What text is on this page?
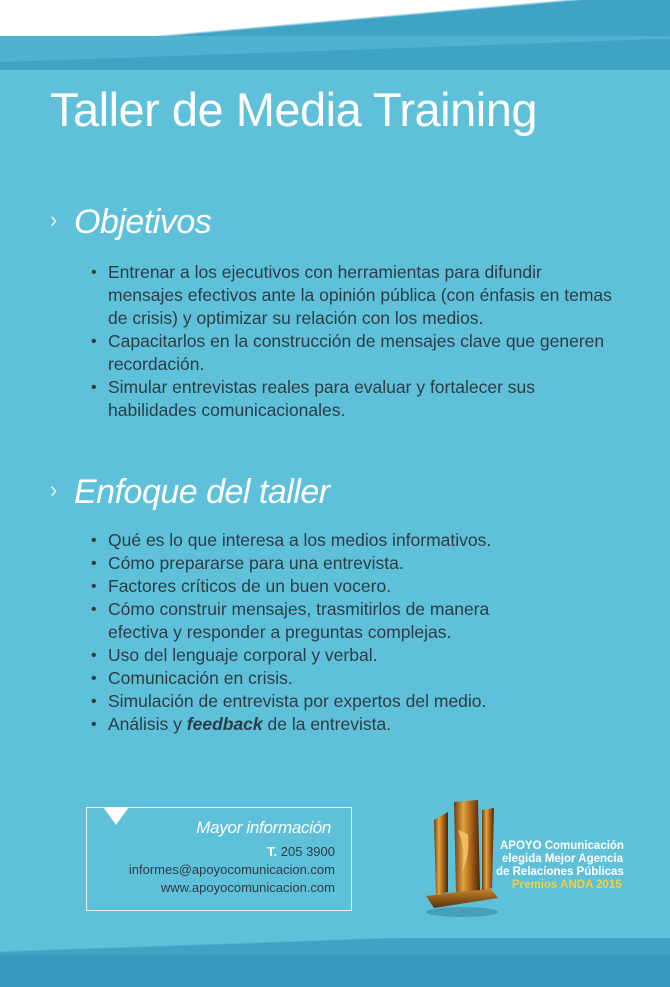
Taller de Media Training
› Objetivos
• Entrenar a los ejecutivos con herramientas para difundir mensajes efectivos ante la opinión pública (con énfasis en temas de crisis) y optimizar su relación con los medios.
• Capacitarlos en la construcción de mensajes clave que generen recordación.
• Simular entrevistas reales para evaluar y fortalecer sus habilidades comunicacionales.
› Enfoque del taller
• Qué es lo que interesa a los medios informativos.
• Cómo prepararse para una entrevista.
• Factores críticos de un buen vocero.
• Cómo construir mensajes, trasmitirlos de manera efectiva y responder a preguntas complejas.
• Uso del lenguaje corporal y verbal.
• Comunicación en crisis.
• Simulación de entrevista por expertos del medio.
• Análisis y feedback de la entrevista.

Mayor información

T. 205 3900
informes@apoyocomunicacion.com
www.apoyocomunicacion.com
APOYO Comunicación
elegida Mejor Agencia
de Relaciones Públicas
Premios ANDA 2015
